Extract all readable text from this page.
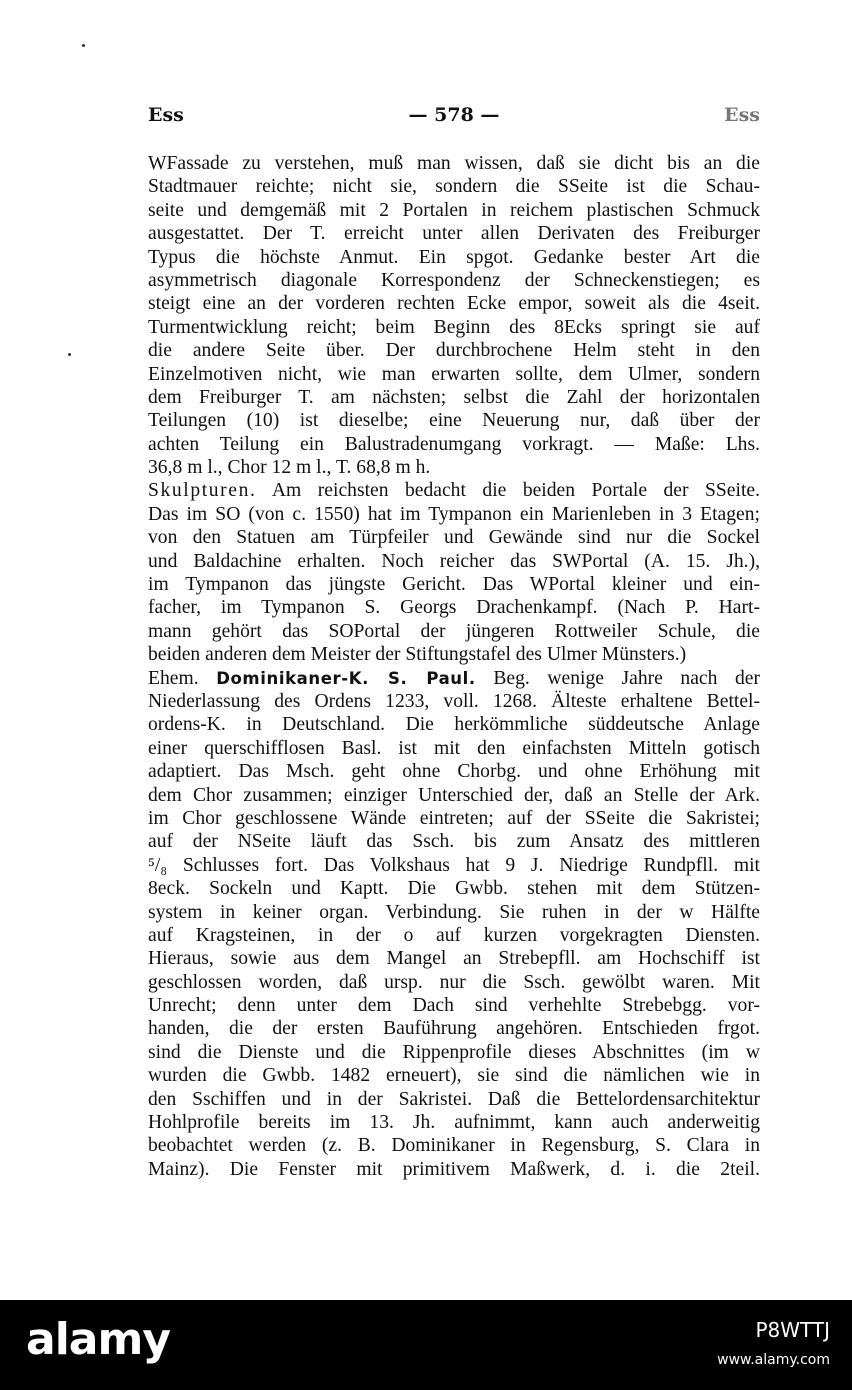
Ess	— 578 —	Ess
WFassade zu verstehen, muß man wissen, daß sie dicht bis an die
Stadtmauer reichte; nicht sie, sondern die SSeite ist die Schau-
seite und demgemäß mit 2 Portalen in reichem plastischen Schmuck
ausgestattet. Der T. erreicht unter allen Derivaten des Freiburger
Typus die höchste Anmut. Ein spgot. Gedanke bester Art die
asymmetrisch diagonale Korrespondenz der Schneckenstiegen; es
steigt eine an der vorderen rechten Ecke empor, soweit als die 4seit.
Turmentwicklung reicht; beim Beginn des 8Ecks springt sie auf
die andere Seite über. Der durchbrochene Helm steht in den
Einzelmotiven nicht, wie man erwarten sollte, dem Ulmer, sondern
dem Freiburger T. am nächsten; selbst die Zahl der horizontalen
Teilungen (10) ist dieselbe; eine Neuerung nur, daß über der
achten Teilung ein Balustradenumgang vorkragt. — Maße: Lhs.
36,8 m l., Chor 12 m l., T. 68,8 m h.
Skulpturen. Am reichsten bedacht die beiden Portale der SSeite.
Das im SO (von c. 1550) hat im Tympanon ein Marienleben in 3 Etagen;
von den Statuen am Türpfeiler und Gewände sind nur die Sockel
und Baldachine erhalten. Noch reicher das SWPortal (A. 15. Jh.),
im Tympanon das jüngste Gericht. Das WPortal kleiner und ein-
facher, im Tympanon S. Georgs Drachenkampf. (Nach P. Hart-
mann gehört das SOPortal der jüngeren Rottweiler Schule, die
beiden anderen dem Meister der Stiftungstafel des Ulmer Münsters.)
Ehem. Dominikaner-K. S. Paul. Beg. wenige Jahre nach der
Niederlassung des Ordens 1233, voll. 1268. Älteste erhaltene Bettel-
ordens-K. in Deutschland. Die herkömmliche süddeutsche Anlage
einer querschifflosen Basl. ist mit den einfachsten Mitteln gotisch
adaptiert. Das Msch. geht ohne Chorbg. und ohne Erhöhung mit
dem Chor zusammen; einziger Unterschied der, daß an Stelle der Ark.
im Chor geschlossene Wände eintreten; auf der SSeite die Sakristei;
auf der NSeite läuft das Ssch. bis zum Ansatz des mittleren
⁵/₈ Schlusses fort. Das Volkshaus hat 9 J. Niedrige Rundpfll. mit
8eck. Sockeln und Kaptt. Die Gwbb. stehen mit dem Stützen-
system in keiner organ. Verbindung. Sie ruhen in der w Hälfte
auf Kragsteinen, in der o auf kurzen vorgekragten Diensten.
Hieraus, sowie aus dem Mangel an Strebepfll. am Hochschiff ist
geschlossen worden, daß ursp. nur die Ssch. gewölbt waren. Mit
Unrecht; denn unter dem Dach sind verhehlte Strebebgg. vor-
handen, die der ersten Bauführung angehören. Entschieden frgot.
sind die Dienste und die Rippenprofile dieses Abschnittes (im w
wurden die Gwbb. 1482 erneuert), sie sind die nämlichen wie in
den Sschiffen und in der Sakristei. Daß die Bettelordensarchitektur
Hohlprofile bereits im 13. Jh. aufnimmt, kann auch anderweitig
beobachtet werden (z. B. Dominikaner in Regensburg, S. Clara in
Mainz). Die Fenster mit primitivem Maßwerk, d. i. die 2teil.
alamy	P8WTTJ
www.alamy.com
